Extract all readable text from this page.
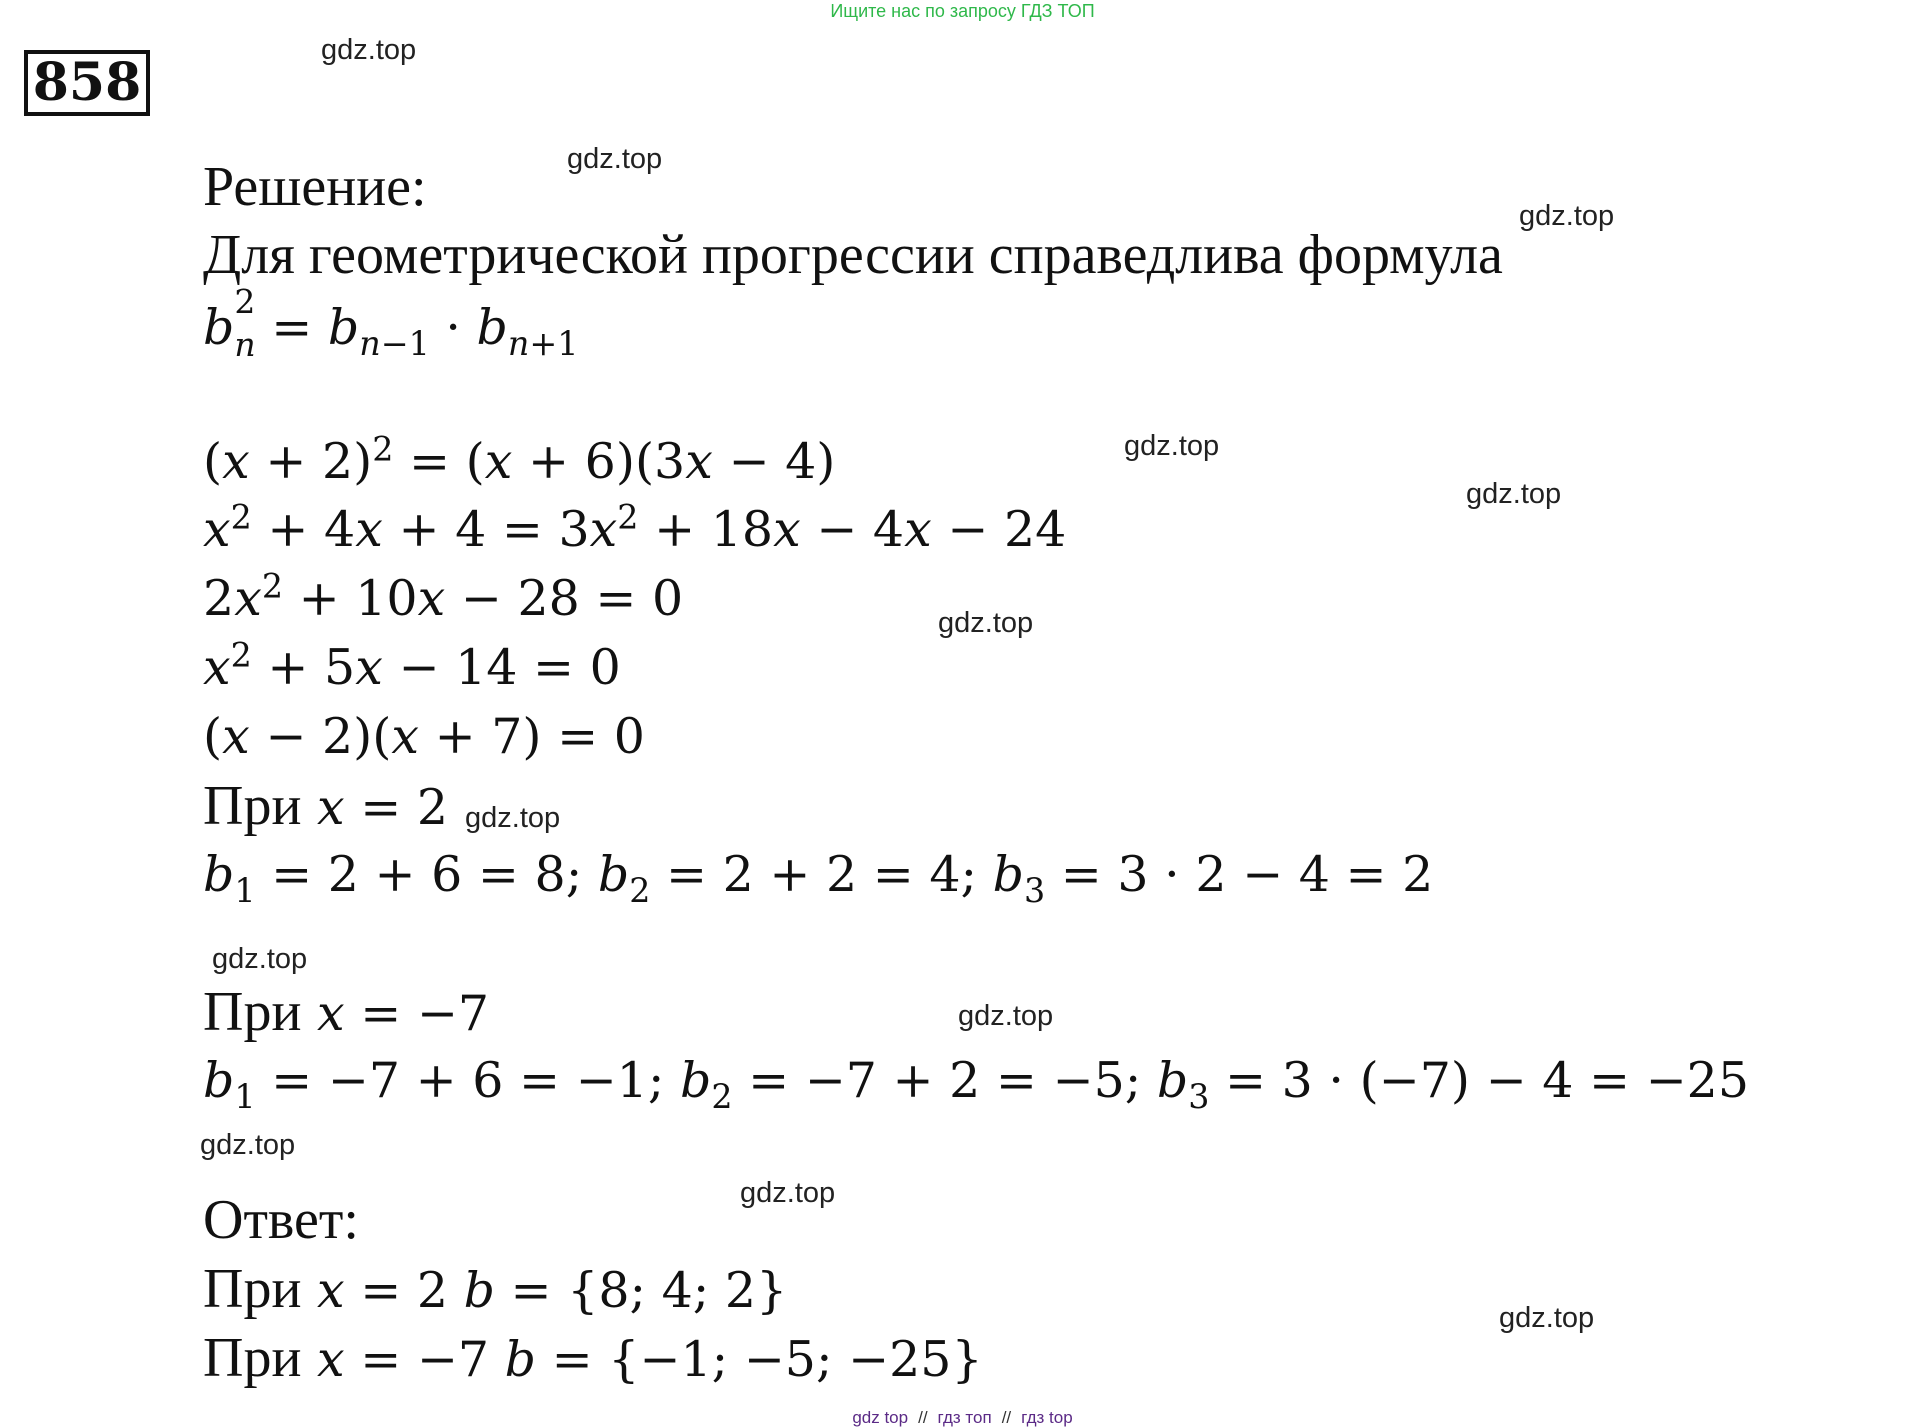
Ищите нас по запросу ГДЗ ТОП
858
Решение:
Для геометрической прогрессии справедлива формула
b 2
$n = b_{n-1} \cdot b_{n+1}$
$(x + 2)^2 = (x + 6)(3x - 4)$
$x^2 + 4x + 4 = 3x^2 + 18x - 4x - 24$
$2x^2 + 10x - 28 = 0$
$x^2 + 5x - 14 = 0$
(x − 2)(x + 7) = 0
При x = 2
$b_1 = 2 + 6 = 8$; $b_2 = 2 + 2 = 4$; $b_3 = 3 \cdot 2 - 4 = 2$
При x = −7
$b_1 = -7 + 6 = -1$; $b_2 = -7 + 2 = -5$; $b_3 = 3 \cdot (-7) - 4 = -25$
Ответ:
При x = 2 b = {8; 4; 2}
При x = −7 b = {−1; −5; −25}
gdz.top
gdz.top
gdz.top
gdz.top
gdz.top
gdz.top
gdz.top
gdz.top
gdz.top
gdz.top
gdz.top
gdz.top
gdz top // гдз топ // гдз top
